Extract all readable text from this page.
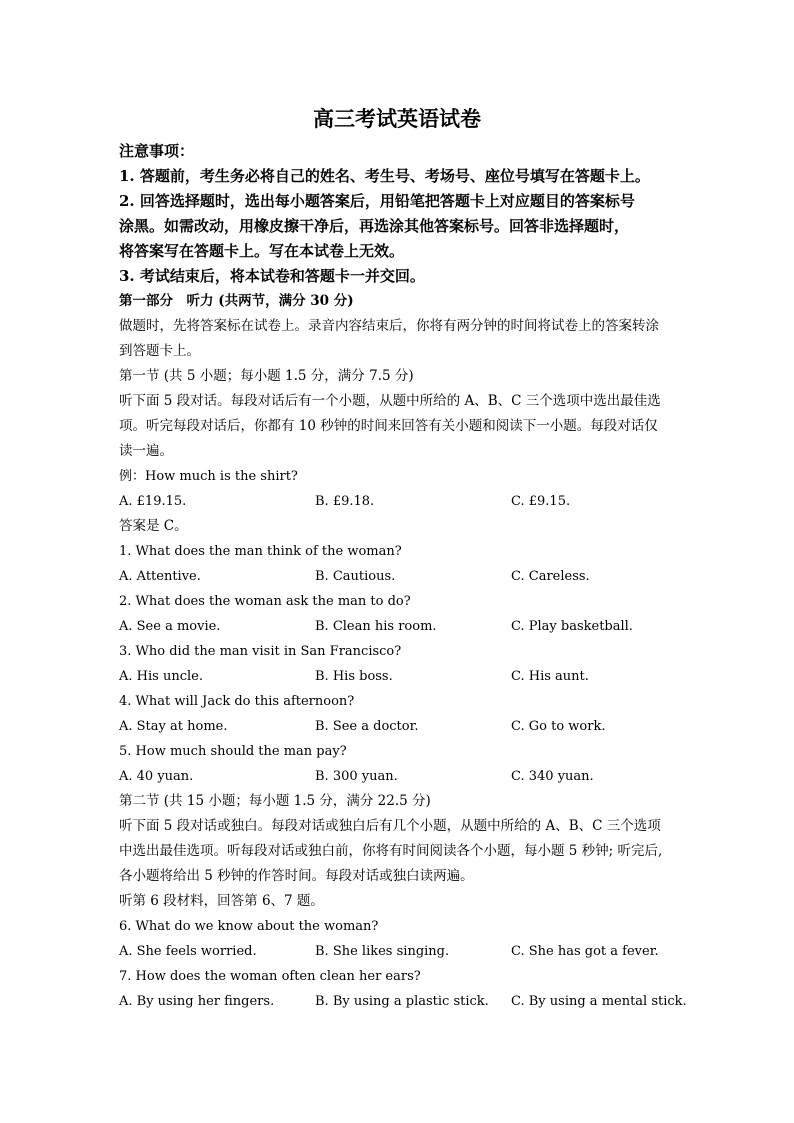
高三考试英语试卷
注意事项：
1. 答题前，考生务必将自己的姓名、考生号、考场号、座位号填写在答题卡上。
2. 回答选择题时，选出每小题答案后，用铅笔把答题卡上对应题目的答案标号
涂黑。如需改动，用橡皮擦干净后，再选涂其他答案标号。回答非选择题时，
将答案写在答题卡上。写在本试卷上无效。
3. 考试结束后，将本试卷和答题卡一并交回。
第一部分　听力 (共两节，满分 30 分)
做题时，先将答案标在试卷上。录音内容结束后，你将有两分钟的时间将试卷上的答案转涂
到答题卡上。
第一节 (共 5 小题；每小题 1.5 分，满分 7.5 分)
听下面 5 段对话。每段对话后有一个小题，从题中所给的 A、B、C 三个选项中选出最佳选
项。听完每段对话后，你都有 10 秒钟的时间来回答有关小题和阅读下一小题。每段对话仅
读一遍。
例：How much is the shirt?
A. £19.15.	B. £9.18.	C. £9.15.
答案是 C。
1. What does the man think of the woman?
A. Attentive.	B. Cautious.	C. Careless.
2. What does the woman ask the man to do?
A. See a movie.	B. Clean his room.	C. Play basketball.
3. Who did the man visit in San Francisco?
A. His uncle.	B. His boss.	C. His aunt.
4. What will Jack do this afternoon?
A. Stay at home.	B. See a doctor.	C. Go to work.
5. How much should the man pay?
A. 40 yuan.	B. 300 yuan.	C. 340 yuan.
第二节 (共 15 小题；每小题 1.5 分，满分 22.5 分)
听下面 5 段对话或独白。每段对话或独白后有几个小题，从题中所给的 A、B、C 三个选项
中选出最佳选项。听每段对话或独白前，你将有时间阅读各个小题，每小题 5 秒钟; 听完后,
各小题将给出 5 秒钟的作答时间。每段对话或独白读两遍。
听第 6 段材料，回答第 6、7 题。
6. What do we know about the woman?
A. She feels worried.	B. She likes singing.	C. She has got a fever.
7. How does the woman often clean her ears?
A. By using her fingers.	B. By using a plastic stick. C. By using a mental stick.
